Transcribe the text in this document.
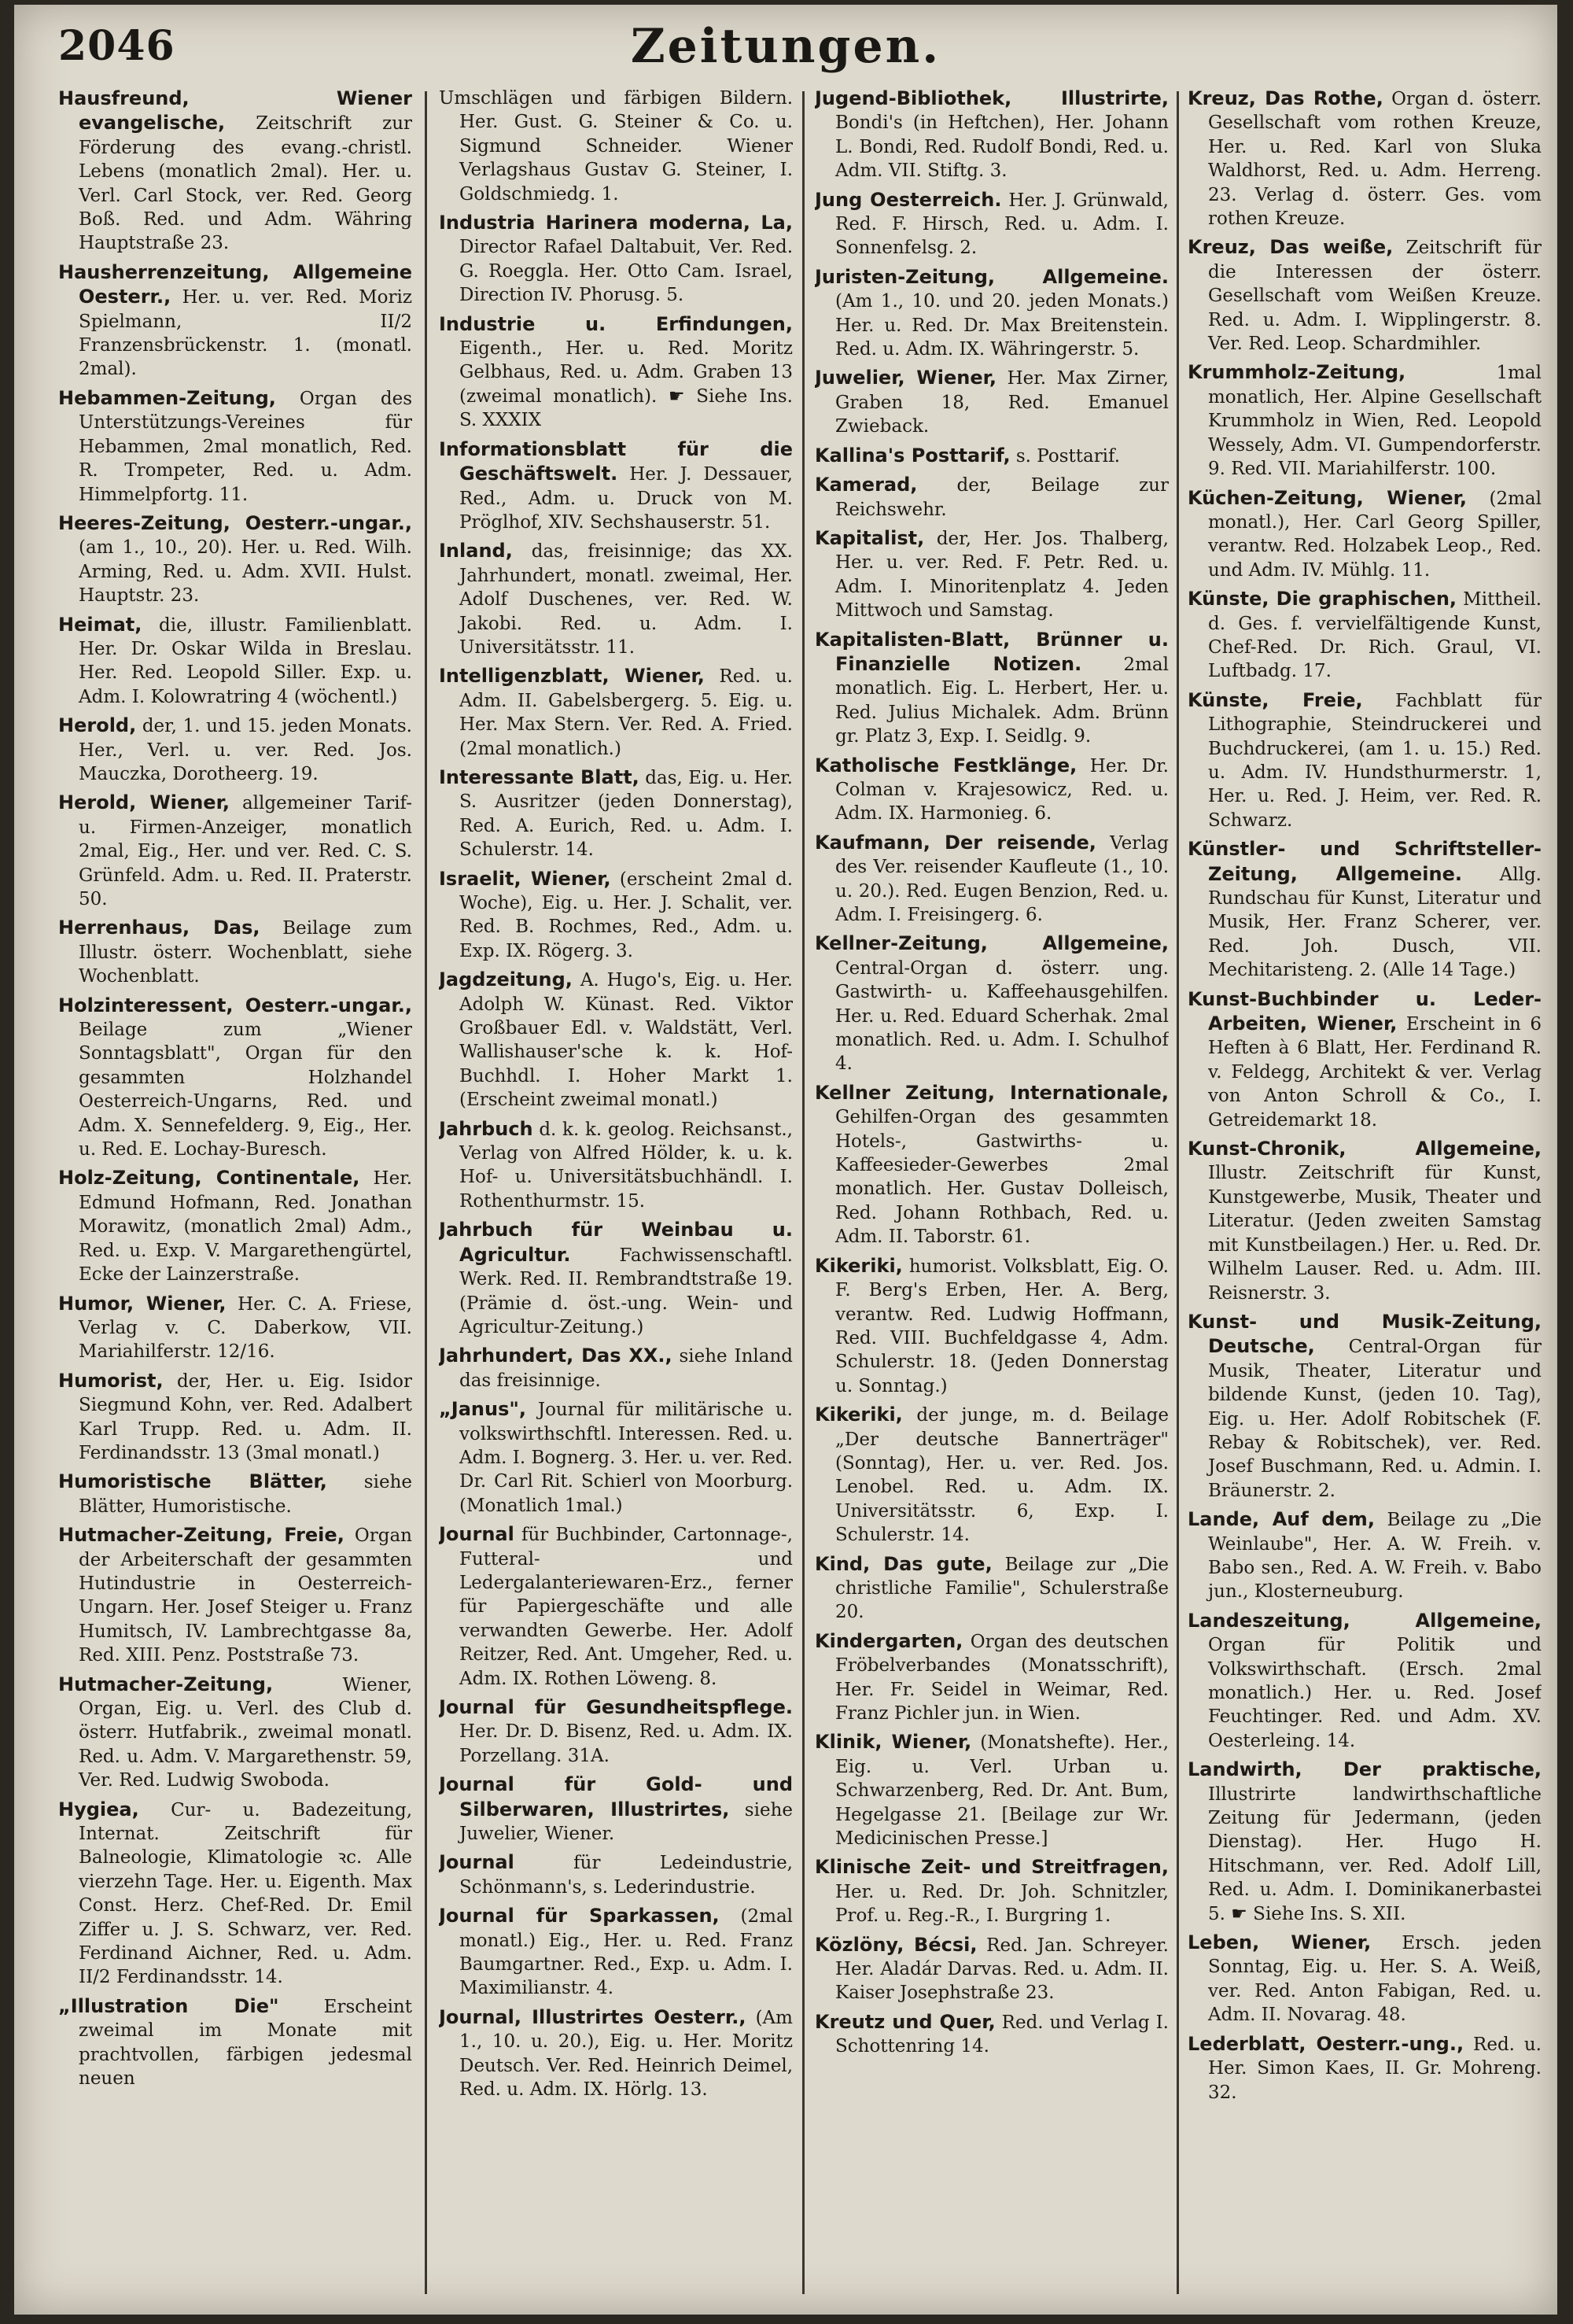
2046	Zeitungen.

Hausfreund, Wiener evangelische, Zeitschrift zur Förderung des evang.-christl. Lebens (monatlich 2mal). Her. u. Verl. Carl Stock, ver. Red. Georg Boß. Red. und Adm. Währing Hauptstraße 23.

Hausherrenzeitung, Allgemeine Oesterr., Her. u. ver. Red. Moriz Spielmann, II/2 Franzensbrückenstr. 1. (monatl. 2mal).

Hebammen-Zeitung, Organ des Unterstützungs-Vereines für Hebammen, 2mal monatlich, Red. R. Trompeter, Red. u. Adm. Himmelpfortg. 11.

Heeres-Zeitung, Oesterr.-ungar., (am 1., 10., 20). Her. u. Red. Wilh. Arming, Red. u. Adm. XVII. Hulst. Hauptstr. 23.

Heimat, die, illustr. Familienblatt. Her. Dr. Oskar Wilda in Breslau. Her. Red. Leopold Siller. Exp. u. Adm. I. Kolowratring 4 (wöchentl.)

Herold, der, 1. und 15. jeden Monats. Her., Verl. u. ver. Red. Jos. Mauczka, Dorotheerg. 19.

Herold, Wiener, allgemeiner Tarif- u. Firmen-Anzeiger, monatlich 2mal, Eig., Her. und ver. Red. C. S. Grünfeld. Adm. u. Red. II. Praterstr. 50.

Herrenhaus, Das, Beilage zum Illustr. österr. Wochenblatt, siehe Wochenblatt.

Holzinteressent, Oesterr.-ungar., Beilage zum „Wiener Sonntagsblatt", Organ für den gesammten Holzhandel Oesterreich-Ungarns, Red. und Adm. X. Sennefelderg. 9, Eig., Her. u. Red. E. Lochay-Buresch.

Holz-Zeitung, Continentale, Her. Edmund Hofmann, Red. Jonathan Morawitz, (monatlich 2mal) Adm., Red. u. Exp. V. Margarethengürtel, Ecke der Lainzerstraße.

Humor, Wiener, Her. C. A. Friese, Verlag v. C. Daberkow, VII. Mariahilferstr. 12/16.

Humorist, der, Her. u. Eig. Isidor Siegmund Kohn, ver. Red. Adalbert Karl Trupp. Red. u. Adm. II. Ferdinandsstr. 13 (3mal monatl.)

Humoristische Blätter, siehe Blätter, Humoristische.

Hutmacher-Zeitung, Freie, Organ der Arbeiterschaft der gesammten Hutindustrie in Oesterreich-Ungarn. Her. Josef Steiger u. Franz Humitsch, IV. Lambrechtgasse 8a, Red. XIII. Penz. Poststraße 73.

Hutmacher-Zeitung, Wiener, Organ, Eig. u. Verl. des Club d. österr. Hutfabrik., zweimal monatl. Red. u. Adm. V. Margarethenstr. 59, Ver. Red. Ludwig Swoboda.

Hygiea, Cur- u. Badezeitung, Internat. Zeitschrift für Balneologie, Klimatologie ꝛc. Alle vierzehn Tage. Her. u. Eigenth. Max Const. Herz. Chef-Red. Dr. Emil Ziffer u. J. S. Schwarz, ver. Red. Ferdinand Aichner, Red. u. Adm. II/2 Ferdinandsstr. 14.

„Illustration Die" Erscheint zweimal im Monate mit prachtvollen, färbigen jedesmal neuen

Umschlägen und färbigen Bildern. Her. Gust. G. Steiner & Co. u. Sigmund Schneider. Wiener Verlagshaus Gustav G. Steiner, I. Goldschmiedg. 1.

Industria Harinera moderna, La, Director Rafael Daltabuit, Ver. Red. G. Roeggla. Her. Otto Cam. Israel, Direction IV. Phorusg. 5.

Industrie u. Erfindungen, Eigenth., Her. u. Red. Moritz Gelbhaus, Red. u. Adm. Graben 13 (zweimal monatlich). ☛ Siehe Ins. S. XXXIX

Informationsblatt für die Geschäftswelt. Her. J. Dessauer, Red., Adm. u. Druck von M. Pröglhof, XIV. Sechshauserstr. 51.

Inland, das, freisinnige; das XX. Jahrhundert, monatl. zweimal, Her. Adolf Duschenes, ver. Red. W. Jakobi. Red. u. Adm. I. Universitätsstr. 11.

Intelligenzblatt, Wiener, Red. u. Adm. II. Gabelsbergerg. 5. Eig. u. Her. Max Stern. Ver. Red. A. Fried. (2mal monatlich.)

Interessante Blatt, das, Eig. u. Her. S. Ausritzer (jeden Donnerstag), Red. A. Eurich, Red. u. Adm. I. Schulerstr. 14.

Israelit, Wiener, (erscheint 2mal d. Woche), Eig. u. Her. J. Schalit, ver. Red. B. Rochmes, Red., Adm. u. Exp. IX. Rögerg. 3.

Jagdzeitung, A. Hugo's, Eig. u. Her. Adolph W. Künast. Red. Viktor Großbauer Edl. v. Waldstätt, Verl. Wallishauser'sche k. k. Hof-Buchhdl. I. Hoher Markt 1. (Erscheint zweimal monatl.)

Jahrbuch d. k. k. geolog. Reichsanst., Verlag von Alfred Hölder, k. u. k. Hof- u. Universitätsbuchhändl. I. Rothenthurmstr. 15.

Jahrbuch für Weinbau u. Agricultur. Fachwissenschaftl. Werk. Red. II. Rembrandtstraße 19. (Prämie d. öst.-ung. Wein- und Agricultur-Zeitung.)

Jahrhundert, Das XX., siehe Inland das freisinnige.

„Janus", Journal für militärische u. volkswirthschftl. Interessen. Red. u. Adm. I. Bognerg. 3. Her. u. ver. Red. Dr. Carl Rit. Schierl von Moorburg. (Monatlich 1mal.)

Journal für Buchbinder, Cartonnage-, Futteral- und Ledergalanteriewaren-Erz., ferner für Papiergeschäfte und alle verwandten Gewerbe. Her. Adolf Reitzer, Red. Ant. Umgeher, Red. u. Adm. IX. Rothen Löweng. 8.

Journal für Gesundheitspflege. Her. Dr. D. Bisenz, Red. u. Adm. IX. Porzellang. 31A.

Journal für Gold- und Silberwaren, Illustrirtes, siehe Juwelier, Wiener.

Journal für Ledeindustrie, Schönmann's, s. Lederindustrie.

Journal für Sparkassen, (2mal monatl.) Eig., Her. u. Red. Franz Baumgartner. Red., Exp. u. Adm. I. Maximilianstr. 4.

Journal, Illustrirtes Oesterr., (Am 1., 10. u. 20.), Eig. u. Her. Moritz Deutsch. Ver. Red. Heinrich Deimel, Red. u. Adm. IX. Hörlg. 13.

Jugend-Bibliothek, Illustrirte, Bondi's (in Heftchen), Her. Johann L. Bondi, Red. Rudolf Bondi, Red. u. Adm. VII. Stiftg. 3.

Jung Oesterreich. Her. J. Grünwald, Red. F. Hirsch, Red. u. Adm. I. Sonnenfelsg. 2.

Juristen-Zeitung, Allgemeine. (Am 1., 10. und 20. jeden Monats.) Her. u. Red. Dr. Max Breitenstein. Red. u. Adm. IX. Währingerstr. 5.

Juwelier, Wiener, Her. Max Zirner, Graben 18, Red. Emanuel Zwieback.

Kallina's Posttarif, s. Posttarif.

Kamerad, der, Beilage zur Reichswehr.

Kapitalist, der, Her. Jos. Thalberg, Her. u. ver. Red. F. Petr. Red. u. Adm. I. Minoritenplatz 4. Jeden Mittwoch und Samstag.

Kapitalisten-Blatt, Brünner u. Finanzielle Notizen. 2mal monatlich. Eig. L. Herbert, Her. u. Red. Julius Michalek. Adm. Brünn gr. Platz 3, Exp. I. Seidlg. 9.

Katholische Festklänge, Her. Dr. Colman v. Krajesowicz, Red. u. Adm. IX. Harmonieg. 6.

Kaufmann, Der reisende, Verlag des Ver. reisender Kaufleute (1., 10. u. 20.). Red. Eugen Benzion, Red. u. Adm. I. Freisingerg. 6.

Kellner-Zeitung, Allgemeine, Central-Organ d. österr. ung. Gastwirth- u. Kaffeehausgehilfen. Her. u. Red. Eduard Scherhak. 2mal monatlich. Red. u. Adm. I. Schulhof 4.

Kellner Zeitung, Internationale, Gehilfen-Organ des gesammten Hotels-, Gastwirths- u. Kaffeesieder-Gewerbes 2mal monatlich. Her. Gustav Dolleisch, Red. Johann Rothbach, Red. u. Adm. II. Taborstr. 61.

Kikeriki, humorist. Volksblatt, Eig. O. F. Berg's Erben, Her. A. Berg, verantw. Red. Ludwig Hoffmann, Red. VIII. Buchfeldgasse 4, Adm. Schulerstr. 18. (Jeden Donnerstag u. Sonntag.)

Kikeriki, der junge, m. d. Beilage „Der deutsche Bannerträger" (Sonntag), Her. u. ver. Red. Jos. Lenobel. Red. u. Adm. IX. Universitätsstr. 6, Exp. I. Schulerstr. 14.

Kind, Das gute, Beilage zur „Die christliche Familie", Schulerstraße 20.

Kindergarten, Organ des deutschen Fröbelverbandes (Monatsschrift), Her. Fr. Seidel in Weimar, Red. Franz Pichler jun. in Wien.

Klinik, Wiener, (Monatshefte). Her., Eig. u. Verl. Urban u. Schwarzenberg, Red. Dr. Ant. Bum, Hegelgasse 21. [Beilage zur Wr. Medicinischen Presse.]

Klinische Zeit- und Streitfragen, Her. u. Red. Dr. Joh. Schnitzler, Prof. u. Reg.-R., I. Burgring 1.

Közlöny, Bécsi, Red. Jan. Schreyer. Her. Aladár Darvas. Red. u. Adm. II. Kaiser Josephstraße 23.

Kreutz und Quer, Red. und Verlag I. Schottenring 14.

Kreuz, Das Rothe, Organ d. österr. Gesellschaft vom rothen Kreuze, Her. u. Red. Karl von Sluka Waldhorst, Red. u. Adm. Herreng. 23. Verlag d. österr. Ges. vom rothen Kreuze.

Kreuz, Das weiße, Zeitschrift für die Interessen der österr. Gesellschaft vom Weißen Kreuze. Red. u. Adm. I. Wipplingerstr. 8. Ver. Red. Leop. Schardmihler.

Krummholz-Zeitung, 1mal monatlich, Her. Alpine Gesellschaft Krummholz in Wien, Red. Leopold Wessely, Adm. VI. Gumpendorferstr. 9. Red. VII. Mariahilferstr. 100.

Küchen-Zeitung, Wiener, (2mal monatl.), Her. Carl Georg Spiller, verantw. Red. Holzabek Leop., Red. und Adm. IV. Mühlg. 11.

Künste, Die graphischen, Mittheil. d. Ges. f. vervielfältigende Kunst, Chef-Red. Dr. Rich. Graul, VI. Luftbadg. 17.

Künste, Freie, Fachblatt für Lithographie, Steindruckerei und Buchdruckerei, (am 1. u. 15.) Red. u. Adm. IV. Hundsthurmerstr. 1, Her. u. Red. J. Heim, ver. Red. R. Schwarz.

Künstler- und Schriftsteller-Zeitung, Allgemeine. Allg. Rundschau für Kunst, Literatur und Musik, Her. Franz Scherer, ver. Red. Joh. Dusch, VII. Mechitaristeng. 2. (Alle 14 Tage.)

Kunst-Buchbinder u. Leder-Arbeiten, Wiener, Erscheint in 6 Heften à 6 Blatt, Her. Ferdinand R. v. Feldegg, Architekt & ver. Verlag von Anton Schroll & Co., I. Getreidemarkt 18.

Kunst-Chronik, Allgemeine, Illustr. Zeitschrift für Kunst, Kunstgewerbe, Musik, Theater und Literatur. (Jeden zweiten Samstag mit Kunstbeilagen.) Her. u. Red. Dr. Wilhelm Lauser. Red. u. Adm. III. Reisnerstr. 3.

Kunst- und Musik-Zeitung, Deutsche, Central-Organ für Musik, Theater, Literatur und bildende Kunst, (jeden 10. Tag), Eig. u. Her. Adolf Robitschek (F. Rebay & Robitschek), ver. Red. Josef Buschmann, Red. u. Admin. I. Bräunerstr. 2.

Lande, Auf dem, Beilage zu „Die Weinlaube", Her. A. W. Freih. v. Babo sen., Red. A. W. Freih. v. Babo jun., Klosterneuburg.

Landeszeitung, Allgemeine, Organ für Politik und Volkswirthschaft. (Ersch. 2mal monatlich.) Her. u. Red. Josef Feuchtinger. Red. und Adm. XV. Oesterleing. 14.

Landwirth, Der praktische, Illustrirte landwirthschaftliche Zeitung für Jedermann, (jeden Dienstag). Her. Hugo H. Hitschmann, ver. Red. Adolf Lill, Red. u. Adm. I. Dominikanerbastei 5. ☛ Siehe Ins. S. XII.

Leben, Wiener, Ersch. jeden Sonntag, Eig. u. Her. S. A. Weiß, ver. Red. Anton Fabigan, Red. u. Adm. II. Novarag. 48.

Lederblatt, Oesterr.-ung., Red. u. Her. Simon Kaes, II. Gr. Mohreng. 32.
